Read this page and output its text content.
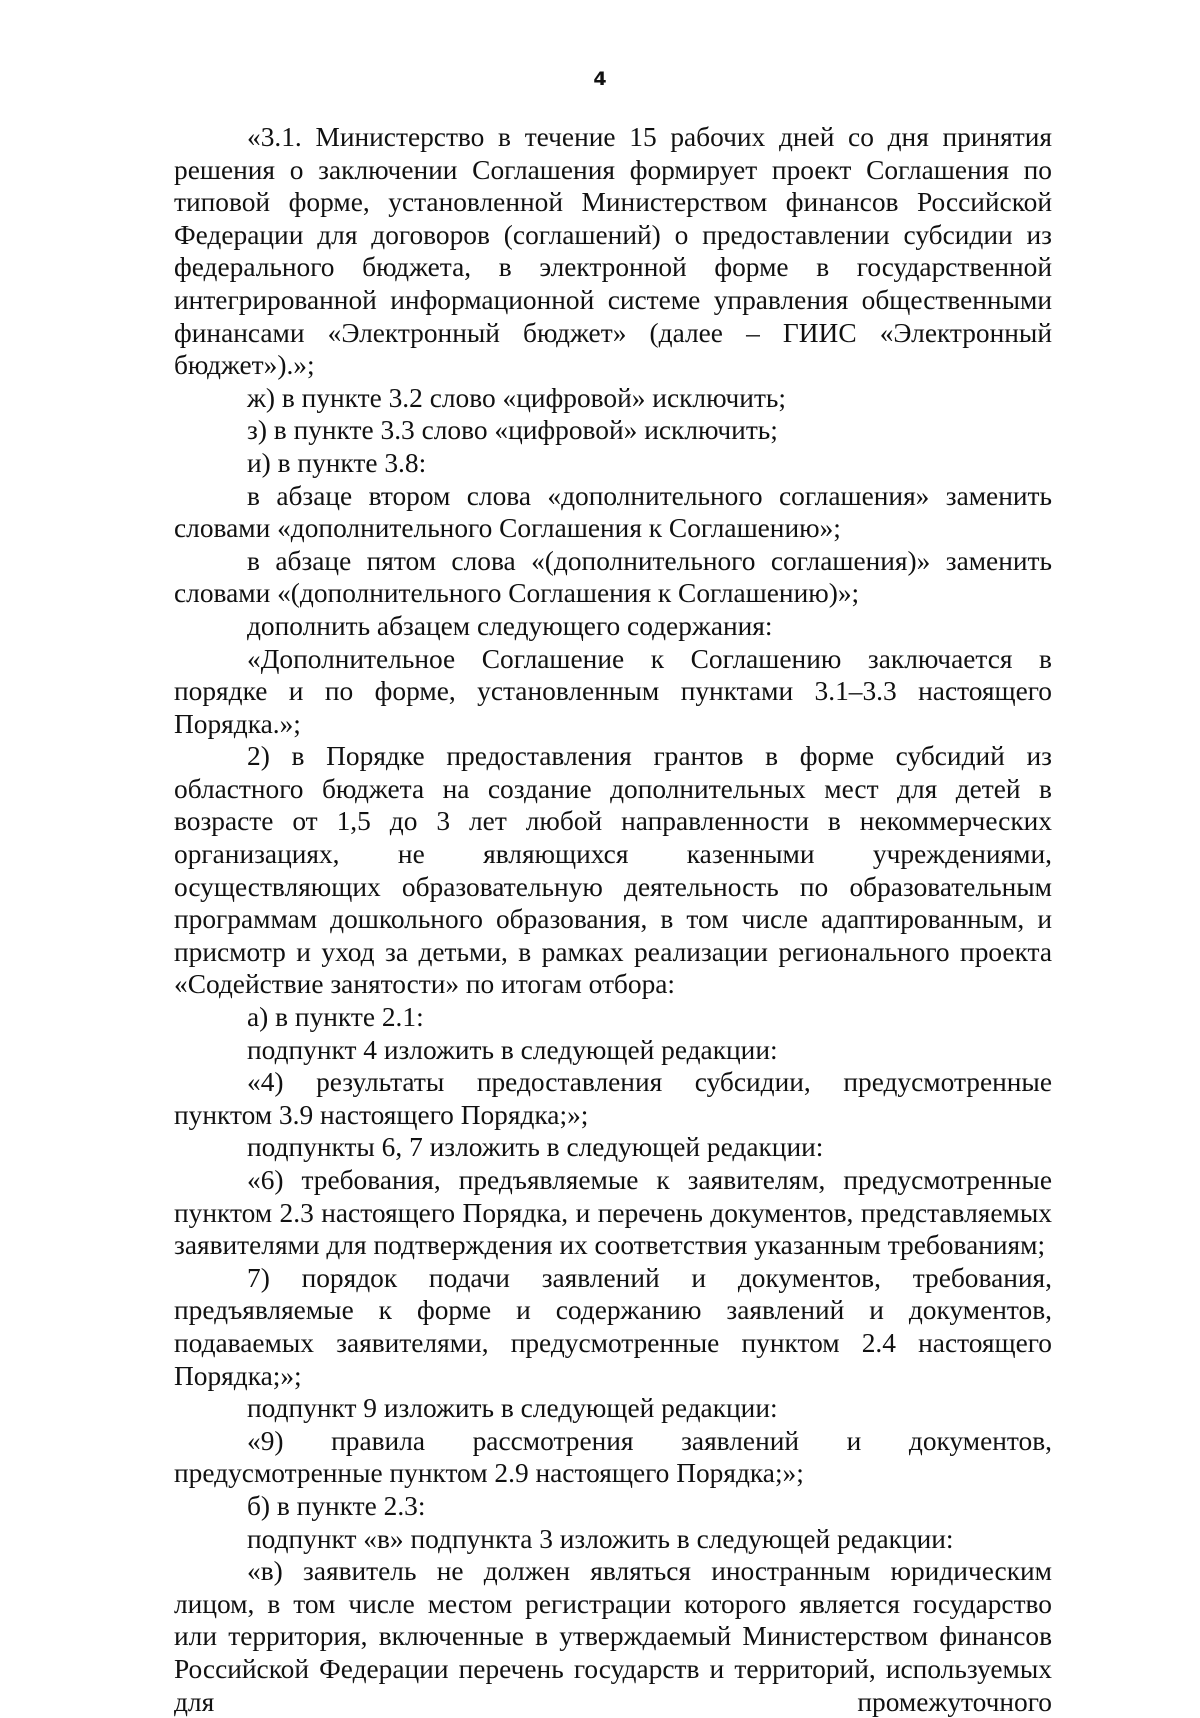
4

«3.1. Министерство в течение 15 рабочих дней со дня принятия решения о заключении Соглашения формирует проект Соглашения по типовой форме, установленной Министерством финансов Российской Федерации для договоров (соглашений) о предоставлении субсидии из федерального бюджета, в электронной форме в государственной интегрированной информационной системе управления общественными финансами «Электронный бюджет» (далее – ГИИС «Электронный бюджет»).»;

ж) в пункте 3.2 слово «цифровой» исключить;

з) в пункте 3.3 слово «цифровой» исключить;

и) в пункте 3.8:

в абзаце втором слова «дополнительного соглашения» заменить словами «дополнительного Соглашения к Соглашению»;

в абзаце пятом слова «(дополнительного соглашения)» заменить словами «(дополнительного Соглашения к Соглашению)»;

дополнить абзацем следующего содержания:

«Дополнительное Соглашение к Соглашению заключается в порядке и по форме, установленным пунктами 3.1–3.3 настоящего Порядка.»;

2) в Порядке предоставления грантов в форме субсидий из областного бюджета на создание дополнительных мест для детей в возрасте от 1,5 до 3 лет любой направленности в некоммерческих организациях, не являющихся казенными учреждениями, осуществляющих образовательную деятельность по образовательным программам дошкольного образования, в том числе адаптированным, и присмотр и уход за детьми, в рамках реализации регионального проекта «Содействие занятости» по итогам отбора:

а) в пункте 2.1:

подпункт 4 изложить в следующей редакции:

«4) результаты предоставления субсидии, предусмотренные пунктом 3.9 настоящего Порядка;»;

подпункты 6, 7 изложить в следующей редакции:

«6) требования, предъявляемые к заявителям, предусмотренные пунктом 2.3 настоящего Порядка, и перечень документов, представляемых заявителями для подтверждения их соответствия указанным требованиям;

7) порядок подачи заявлений и документов, требования, предъявляемые к форме и содержанию заявлений и документов, подаваемых заявителями, предусмотренные пунктом 2.4 настоящего Порядка;»;

подпункт 9 изложить в следующей редакции:

«9) правила рассмотрения заявлений и документов, предусмотренные пунктом 2.9 настоящего Порядка;»;

б) в пункте 2.3:

подпункт «в» подпункта 3 изложить в следующей редакции:

«в) заявитель не должен являться иностранным юридическим лицом, в том числе местом регистрации которого является государство или территория, включенные в утверждаемый Министерством финансов Российской Федерации перечень государств и территорий, используемых для промежуточного
